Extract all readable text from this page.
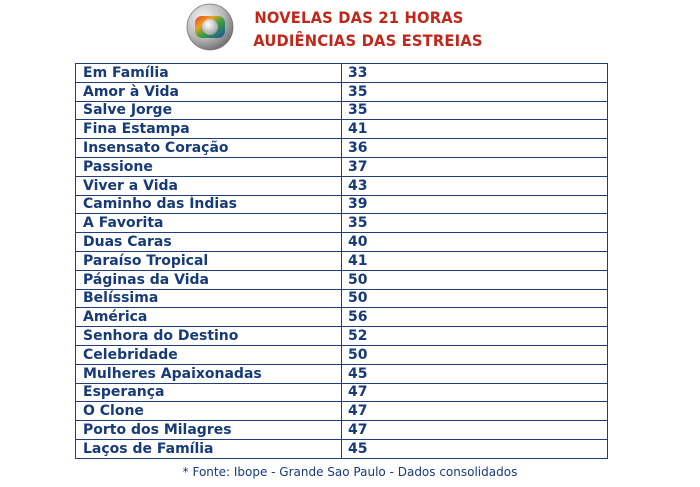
NOVELAS DAS 21 HORAS
AUDIÊNCIAS DAS ESTREIAS
Em Família	33
Amor à Vida	35
Salve Jorge	35
Fina Estampa	41
Insensato Coração	36
Passione	37
Viver a Vida	43
Caminho das Índias	39
A Favorita	35
Duas Caras	40
Paraíso Tropical	41
Páginas da Vida	50
Belíssima	50
América	56
Senhora do Destino	52
Celebridade	50
Mulheres Apaixonadas	45
Esperança	47
O Clone	47
Porto dos Milagres	47
Laços de Família	45
* Fonte: Ibope - Grande Sao Paulo - Dados consolidados
